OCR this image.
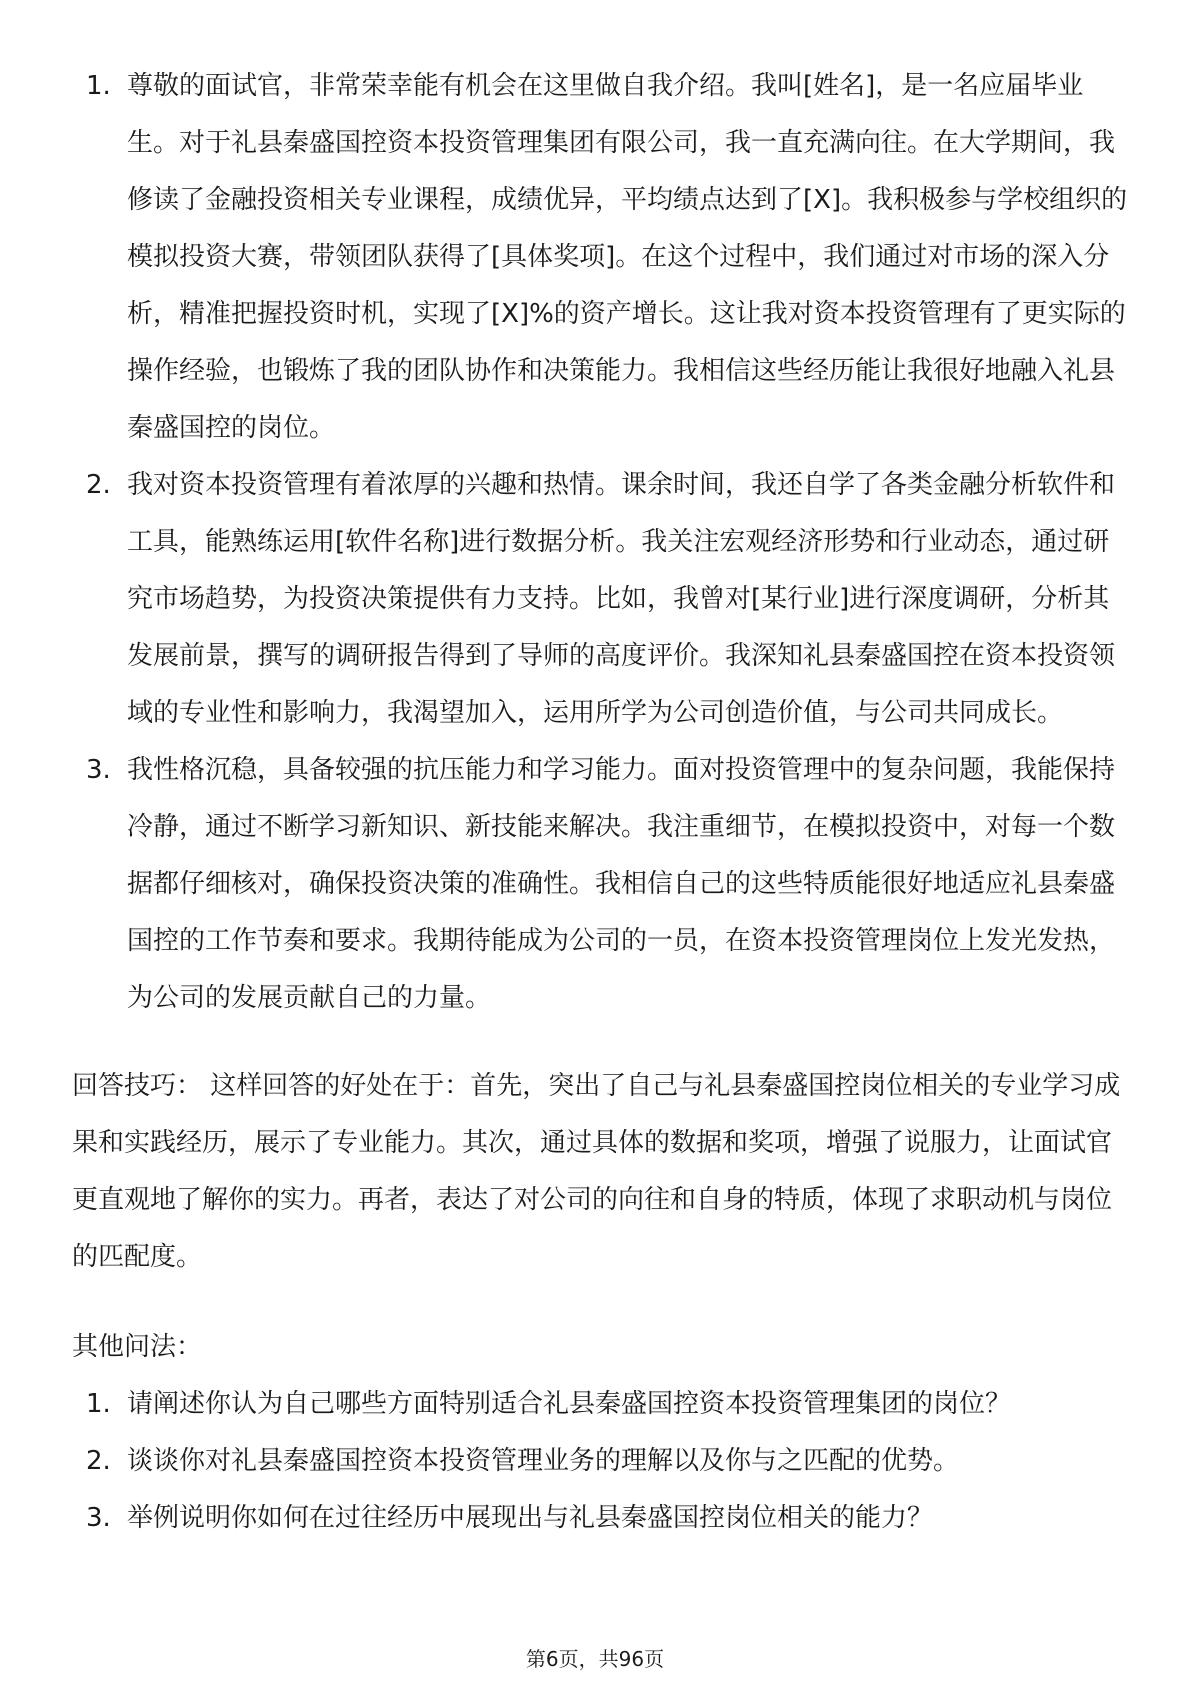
1. 尊敬的面试官，非常荣幸能有机会在这里做自我介绍。我叫[姓名]，是一名应届毕业生。对于礼县秦盛国控资本投资管理集团有限公司，我一直充满向往。在大学期间，我修读了金融投资相关专业课程，成绩优异，平均绩点达到了[X]。我积极参与学校组织的模拟投资大赛，带领团队获得了[具体奖项]。在这个过程中，我们通过对市场的深入分析，精准把握投资时机，实现了[X]%的资产增长。这让我对资本投资管理有了更实际的操作经验，也锻炼了我的团队协作和决策能力。我相信这些经历能让我很好地融入礼县秦盛国控的岗位。
2. 我对资本投资管理有着浓厚的兴趣和热情。课余时间，我还自学了各类金融分析软件和工具，能熟练运用[软件名称]进行数据分析。我关注宏观经济形势和行业动态，通过研究市场趋势，为投资决策提供有力支持。比如，我曾对[某行业]进行深度调研，分析其发展前景，撰写的调研报告得到了导师的高度评价。我深知礼县秦盛国控在资本投资领域的专业性和影响力，我渴望加入，运用所学为公司创造价值，与公司共同成长。
3. 我性格沉稳，具备较强的抗压能力和学习能力。面对投资管理中的复杂问题，我能保持冷静，通过不断学习新知识、新技能来解决。我注重细节，在模拟投资中，对每一个数据都仔细核对，确保投资决策的准确性。我相信自己的这些特质能很好地适应礼县秦盛国控的工作节奏和要求。我期待能成为公司的一员，在资本投资管理岗位上发光发热，为公司的发展贡献自己的力量。

回答技巧： 这样回答的好处在于：首先，突出了自己与礼县秦盛国控岗位相关的专业学习成果和实践经历，展示了专业能力。其次，通过具体的数据和奖项，增强了说服力，让面试官更直观地了解你的实力。再者，表达了对公司的向往和自身的特质，体现了求职动机与岗位的匹配度。

其他问法：

1. 请阐述你认为自己哪些方面特别适合礼县秦盛国控资本投资管理集团的岗位？
2. 谈谈你对礼县秦盛国控资本投资管理业务的理解以及你与之匹配的优势。
3. 举例说明你如何在过往经历中展现出与礼县秦盛国控岗位相关的能力？
第6页，共96页
